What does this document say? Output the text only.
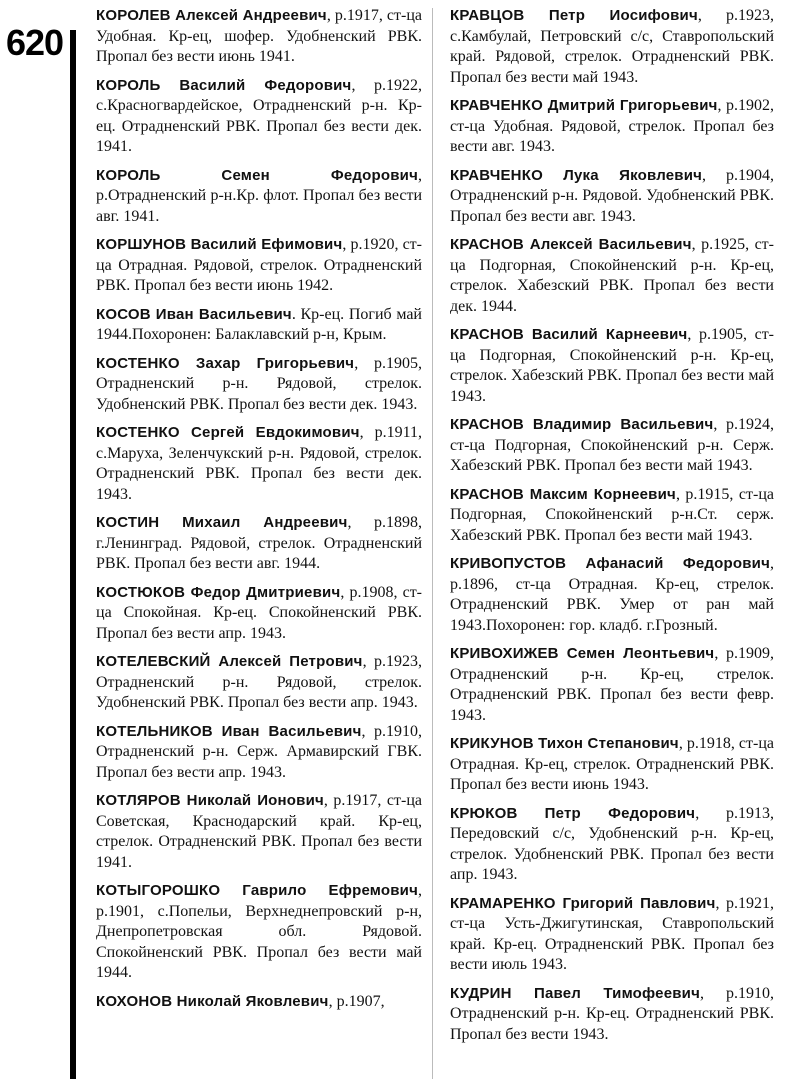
620
КОРОЛЕВ Алексей Андреевич, р.1917, ст-ца Удобная. Кр-ец, шофер. Удобненский РВК. Пропал без вести июнь 1941.
КОРОЛЬ Василий Федорович, р.1922, с.Красногвардейское, Отрадненский р-н. Кр-ец. Отрадненский РВК. Пропал без вести дек. 1941.
КОРОЛЬ Семен Федорович, р.Отрадненский р-н.Кр. флот. Пропал без вести авг. 1941.
КОРШУНОВ Василий Ефимович, р.1920, ст-ца Отрадная. Рядовой, стрелок. Отрадненский РВК. Пропал без вести июнь 1942.
КОСОВ Иван Васильевич. Кр-ец. Погиб май 1944.Похоронен: Балаклавский р-н, Крым.
КОСТЕНКО Захар Григорьевич, р.1905, Отрадненский р-н. Рядовой, стрелок. Удобненский РВК. Пропал без вести дек. 1943.
КОСТЕНКО Сергей Евдокимович, р.1911, с.Маруха, Зеленчукский р-н. Рядовой, стрелок. Отрадненский РВК. Пропал без вести дек. 1943.
КОСТИН Михаил Андреевич, р.1898, г.Ленинград. Рядовой, стрелок. Отрадненский РВК. Пропал без вести авг. 1944.
КОСТЮКОВ Федор Дмитриевич, р.1908, ст-ца Спокойная. Кр-ец. Спокойненский РВК. Пропал без вести апр. 1943.
КОТЕЛЕВСКИЙ Алексей Петрович, р.1923, Отрадненский р-н. Рядовой, стрелок. Удобненский РВК. Пропал без вести апр. 1943.
КОТЕЛЬНИКОВ Иван Васильевич, р.1910, Отрадненский р-н. Серж. Армавирский ГВК. Пропал без вести апр. 1943.
КОТЛЯРОВ Николай Ионович, р.1917, ст-ца Советская, Краснодарский край. Кр-ец, стрелок. Отрадненский РВК. Пропал без вести 1941.
КОТЫГОРОШКО Гаврило Ефремович, р.1901, с.Попельи, Верхнеднепровский р-н, Днепропетровская обл. Рядовой. Спокойненский РВК. Пропал без вести май 1944.
КОХОНОВ Николай Яковлевич, р.1907,
КРАВЦОВ Петр Иосифович, р.1923, с.Камбулай, Петровский с/с, Ставропольский край. Рядовой, стрелок. Отрадненский РВК. Пропал без вести май 1943.
КРАВЧЕНКО Дмитрий Григорьевич, р.1902, ст-ца Удобная. Рядовой, стрелок. Пропал без вести авг. 1943.
КРАВЧЕНКО Лука Яковлевич, р.1904, Отрадненский р-н. Рядовой. Удобненский РВК. Пропал без вести авг. 1943.
КРАСНОВ Алексей Васильевич, р.1925, ст-ца Подгорная, Спокойненский р-н. Кр-ец, стрелок. Хабезский РВК. Пропал без вести дек. 1944.
КРАСНОВ Василий Карнеевич, р.1905, ст-ца Подгорная, Спокойненский р-н. Кр-ец, стрелок. Хабезский РВК. Пропал без вести май 1943.
КРАСНОВ Владимир Васильевич, р.1924, ст-ца Подгорная, Спокойненский р-н. Серж. Хабезский РВК. Пропал без вести май 1943.
КРАСНОВ Максим Корнеевич, р.1915, ст-ца Подгорная, Спокойненский р-н.Ст. серж. Хабезский РВК. Пропал без вести май 1943.
КРИВОПУСТОВ Афанасий Федорович, р.1896, ст-ца Отрадная. Кр-ец, стрелок. Отрадненский РВК. Умер от ран май 1943.Похоронен: гор. кладб. г.Грозный.
КРИВОХИЖЕВ Семен Леонтьевич, р.1909, Отрадненский р-н. Кр-ец, стрелок. Отрадненский РВК. Пропал без вести февр. 1943.
КРИКУНОВ Тихон Степанович, р.1918, ст-ца Отрадная. Кр-ец, стрелок. Отрадненский РВК. Пропал без вести июнь 1943.
КРЮКОВ Петр Федорович, р.1913, Передовский с/с, Удобненский р-н. Кр-ец, стрелок. Удобненский РВК. Пропал без вести апр. 1943.
КРАМАРЕНКО Григорий Павлович, р.1921, ст-ца Усть-Джигутинская, Ставропольский край. Кр-ец. Отрадненский РВК. Пропал без вести июль 1943.
КУДРИН Павел Тимофеевич, р.1910, Отрадненский р-н. Кр-ец. Отрадненский РВК. Пропал без вести 1943.
